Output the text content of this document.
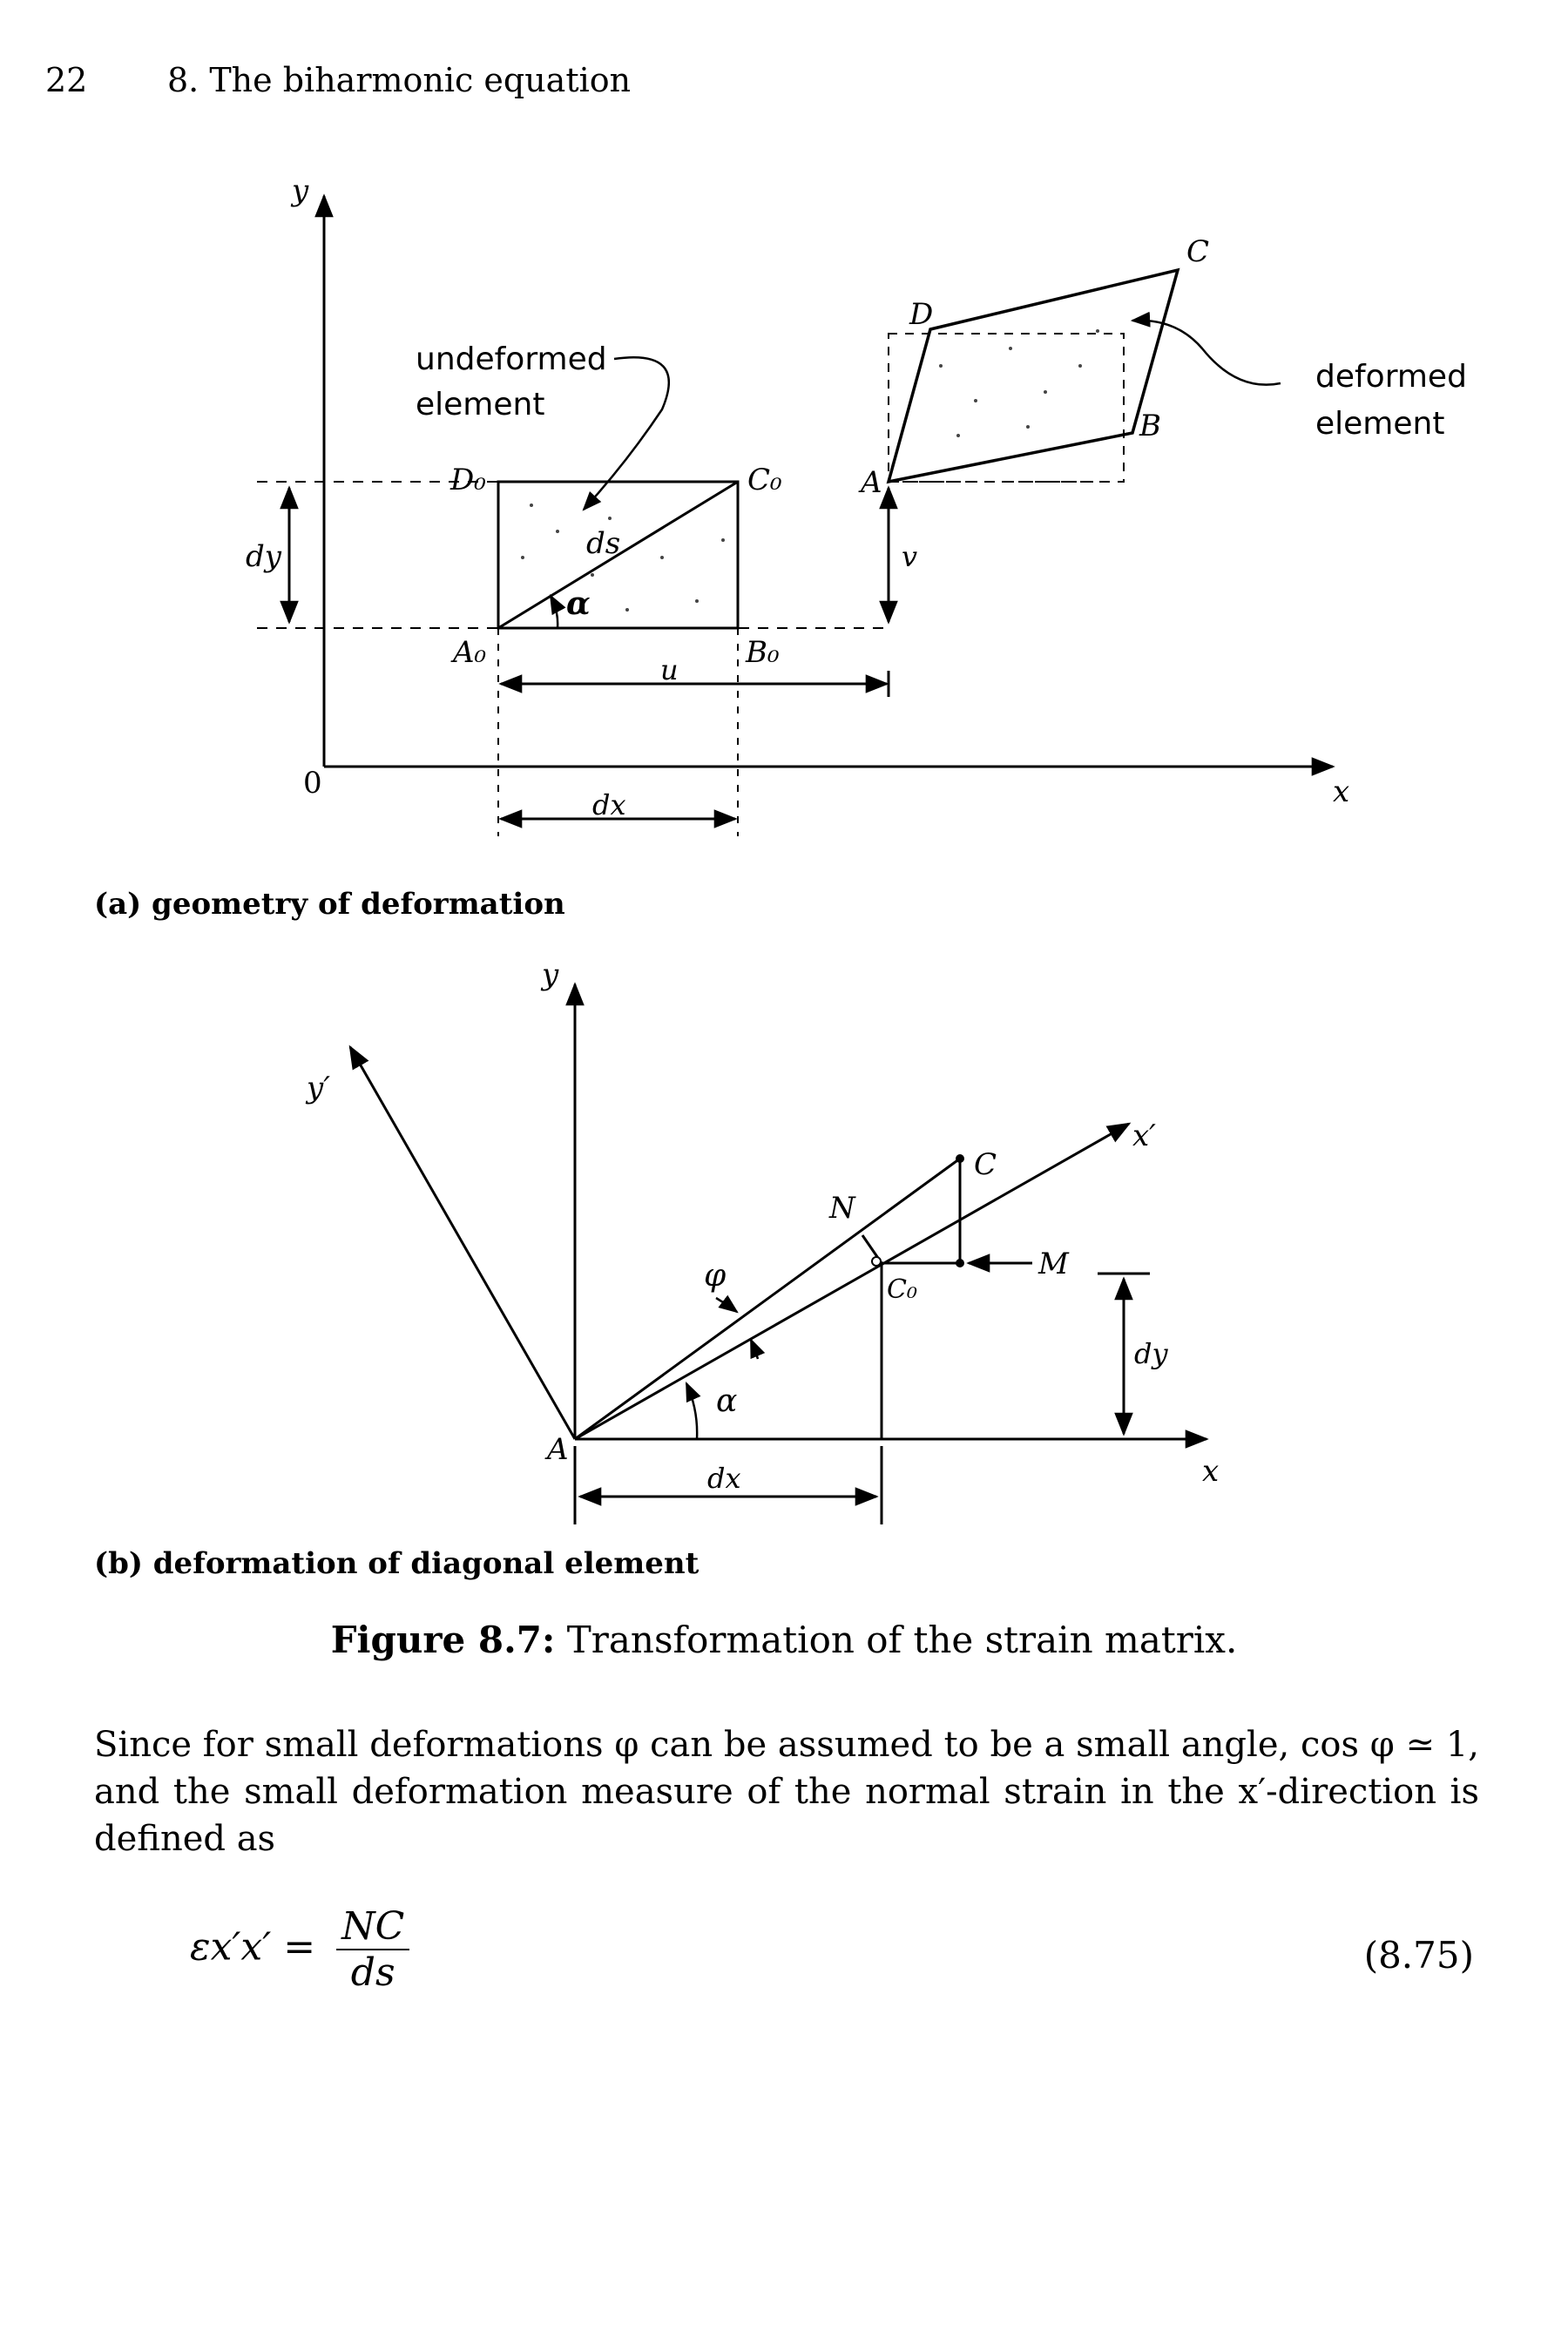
22 8. The biharmonic equation
y
x
0
dy
D₀	C₀
A₀	B₀
u
dx
v
ds
α
A
D
C
B
undeformed
element
deformed
element
(a) geometry of deformation
y
y′
x′
x
A
C
C₀
N
M
φ
α
dx
dy
(b) deformation of diagonal element
Figure 8.7: Transformation of the strain matrix.
Since for small deformations φ can be assumed to be a small angle, cos φ ≃ 1, and the small deformation measure of the normal strain in the x′-direction is defined as
$\varepsilon x'x' = \frac{NC}{ds}$	(8.75)
